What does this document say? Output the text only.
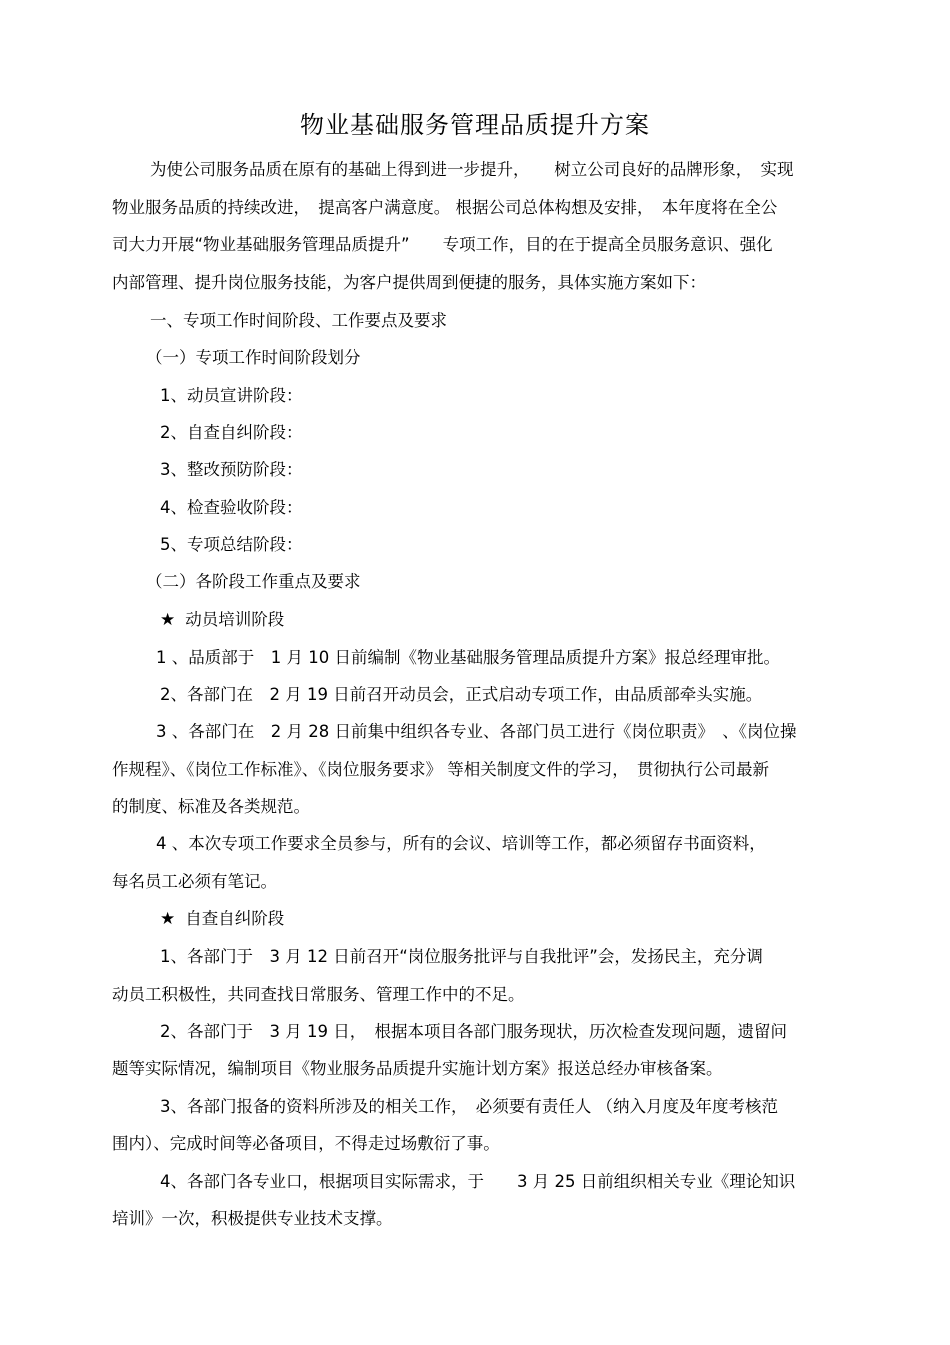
物业基础服务管理品质提升方案
为使公司服务品质在原有的基础上得到进一步提升，　　树立公司良好的品牌形象，　实现
物业服务品质的持续改进，　提高客户满意度。 根据公司总体构想及安排，　本年度将在全公
司大力开展“物业基础服务管理品质提升”　　专项工作，目的在于提高全员服务意识、强化
内部管理、提升岗位服务技能，为客户提供周到便捷的服务，具体实施方案如下：
一、专项工作时间阶段、工作要点及要求
（一）专项工作时间阶段划分
1、动员宣讲阶段：
2、自查自纠阶段：
3、整改预防阶段：
4、检查验收阶段：
5、专项总结阶段：
（二）各阶段工作重点及要求
★ 动员培训阶段
1 、品质部于　1 月 10 日前编制《物业基础服务管理品质提升方案》报总经理审批。
2、各部门在　2 月 19 日前召开动员会，正式启动专项工作，由品质部牵头实施。
3 、各部门在　2 月 28 日前集中组织各专业、各部门员工进行《岗位职责》　、《岗位操
作规程》、《岗位工作标准》、《岗位服务要求》 等相关制度文件的学习，　贯彻执行公司最新
的制度、标准及各类规范。
4 、本次专项工作要求全员参与，所有的会议、培训等工作，都必须留存书面资料，
每名员工必须有笔记。
★ 自查自纠阶段
1、各部门于　3 月 12 日前召开“岗位服务批评与自我批评”会，发扬民主，充分调
动员工积极性，共同查找日常服务、管理工作中的不足。
2、各部门于　3 月 19 日，　根据本项目各部门服务现状，历次检查发现问题，遗留问
题等实际情况，编制项目《物业服务品质提升实施计划方案》报送总经办审核备案。
3、各部门报备的资料所涉及的相关工作，　必须要有责任人 （纳入月度及年度考核范
围内）、完成时间等必备项目，不得走过场敷衍了事。
4、各部门各专业口，根据项目实际需求，于　　3 月 25 日前组织相关专业《理论知识
培训》一次，积极提供专业技术支撑。
